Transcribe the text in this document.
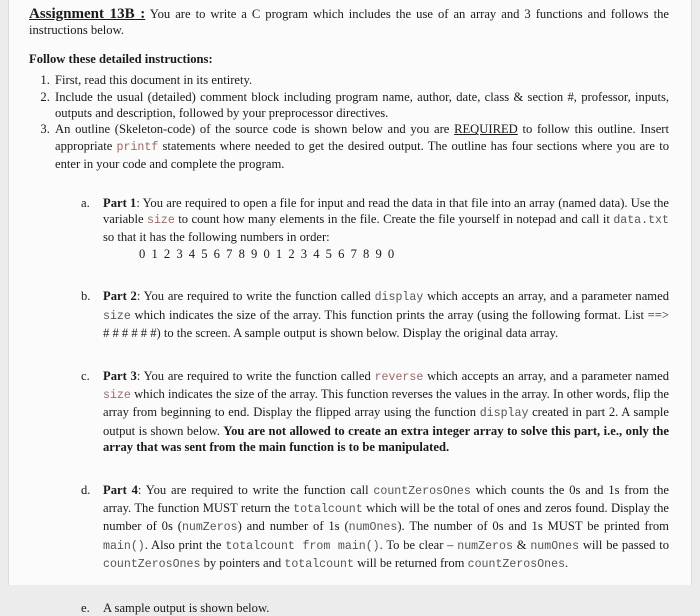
Assignment 13B : You are to write a C program which includes the use of an array and 3 functions and follows the instructions below.
Follow these detailed instructions:
1. First, read this document in its entirety.
2. Include the usual (detailed) comment block including program name, author, date, class & section #, professor, inputs, outputs and description, followed by your preprocessor directives.
3. An outline (Skeleton-code) of the source code is shown below and you are REQUIRED to follow this outline. Insert appropriate printf statements where needed to get the desired output. The outline has four sections where you are to enter in your code and complete the program.
a. Part 1: You are required to open a file for input and read the data in that file into an array (named data). Use the variable size to count how many elements in the file. Create the file yourself in notepad and call it data.txt so that it has the following numbers in order:
0 1 2 3 4 5 6 7 8 9 0 1 2 3 4 5 6 7 8 9 0
b. Part 2: You are required to write the function called display which accepts an array, and a parameter named size which indicates the size of the array. This function prints the array (using the following format. List ==> # # # # # #) to the screen. A sample output is shown below. Display the original data array.
c. Part 3: You are required to write the function called reverse which accepts an array, and a parameter named size which indicates the size of the array. This function reverses the values in the array. In other words, flip the array from beginning to end. Display the flipped array using the function display created in part 2. A sample output is shown below. You are not allowed to create an extra integer array to solve this part, i.e., only the array that was sent from the main function is to be manipulated.
d. Part 4: You are required to write the function call countZerosOnes which counts the 0s and 1s from the array. The function MUST return the totalcount which will be the total of ones and zeros found. Display the number of 0s (numZeros) and number of 1s (numOnes). The number of 0s and 1s MUST be printed from main(). Also print the totalcount from main(). To be clear – numZeros & numOnes will be passed to countZerosOnes by pointers and totalcount will be returned from countZerosOnes.
e. A sample output is shown below.
